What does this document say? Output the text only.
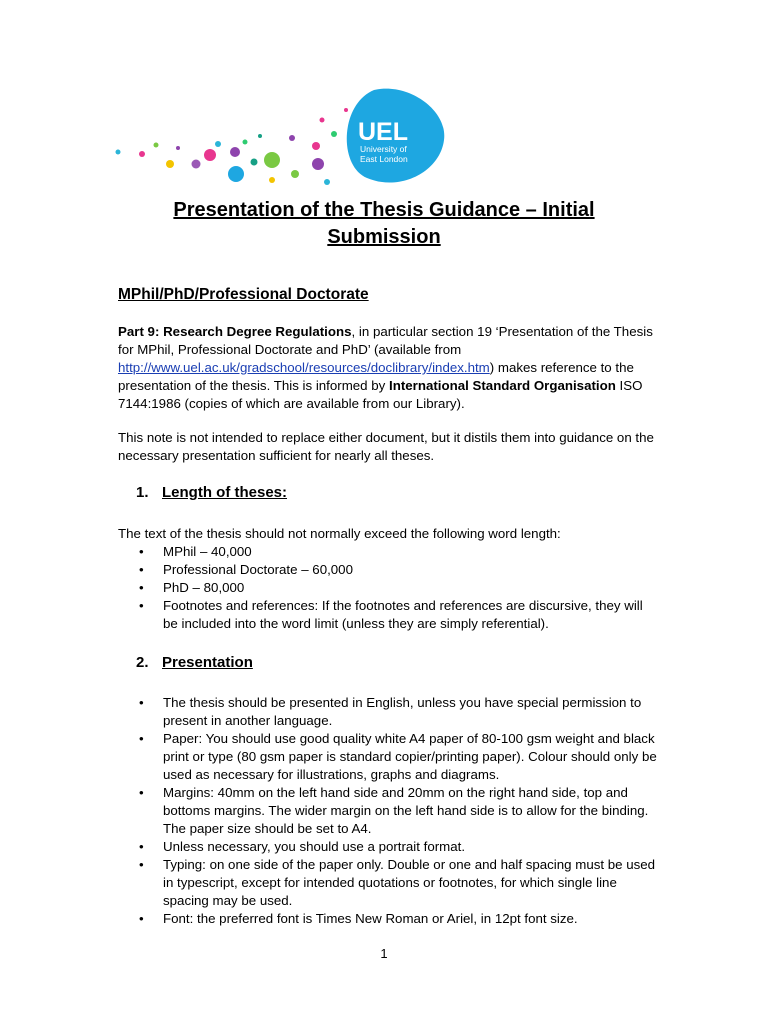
UEL
University of
East London
Presentation of the Thesis Guidance – Initial
Submission
MPhil/PhD/Professional Doctorate
Part 9: Research Degree Regulations, in particular section 19 ‘Presentation of the Thesis for MPhil, Professional Doctorate and PhD’ (available from http://www.uel.ac.uk/gradschool/resources/doclibrary/index.htm) makes reference to the presentation of the thesis. This is informed by International Standard Organisation ISO 7144:1986 (copies of which are available from our Library).
This note is not intended to replace either document, but it distils them into guidance on the necessary presentation sufficient for nearly all theses.
1. Length of theses:
The text of the thesis should not normally exceed the following word length:
• MPhil – 40,000
• Professional Doctorate – 60,000
• PhD – 80,000
• Footnotes and references: If the footnotes and references are discursive, they will be included into the word limit (unless they are simply referential).
2. Presentation
• The thesis should be presented in English, unless you have special permission to present in another language.
• Paper: You should use good quality white A4 paper of 80-100 gsm weight and black print or type (80 gsm paper is standard copier/printing paper). Colour should only be used as necessary for illustrations, graphs and diagrams.
• Margins: 40mm on the left hand side and 20mm on the right hand side, top and bottoms margins. The wider margin on the left hand side is to allow for the binding. The paper size should be set to A4.
• Unless necessary, you should use a portrait format.
• Typing: on one side of the paper only. Double or one and half spacing must be used in typescript, except for intended quotations or footnotes, for which single line spacing may be used.
• Font: the preferred font is Times New Roman or Ariel, in 12pt font size.
1
